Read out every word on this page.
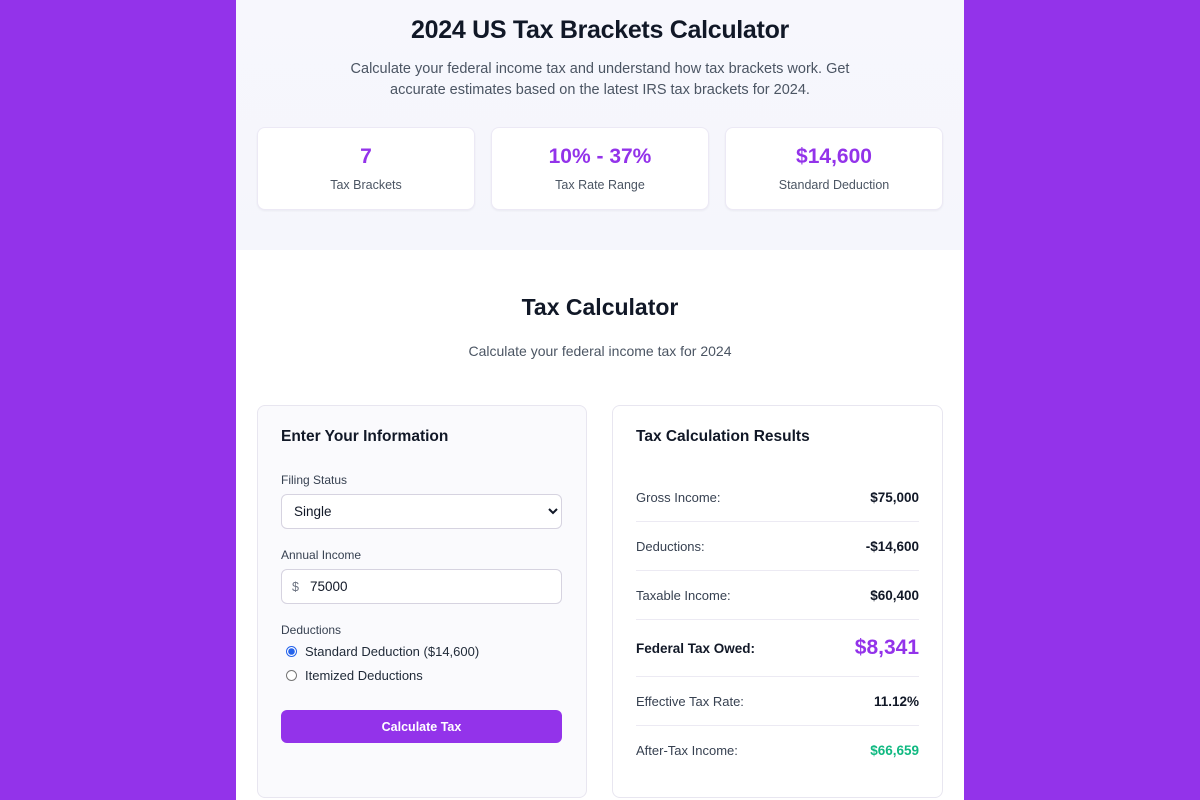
2024 US Tax Brackets Calculator

Calculate your federal income tax and understand how tax brackets work. Get accurate estimates based on the latest IRS tax brackets for 2024.

7
Tax Brackets
10% - 37%
Tax Rate Range
$14,600
Standard Deduction
Tax Calculator

Calculate your federal income tax for 2024

Enter Your Information
Filing Status
Single
Annual Income
$
75000
Deductions
Standard Deduction ($14,600)
Itemized Deductions
Calculate Tax
Tax Calculation Results
Gross Income:	$75,000
Deductions:	-$14,600
Taxable Income:	$60,400
Federal Tax Owed:	$8,341
Effective Tax Rate:	11.12%
After-Tax Income:	$66,659
